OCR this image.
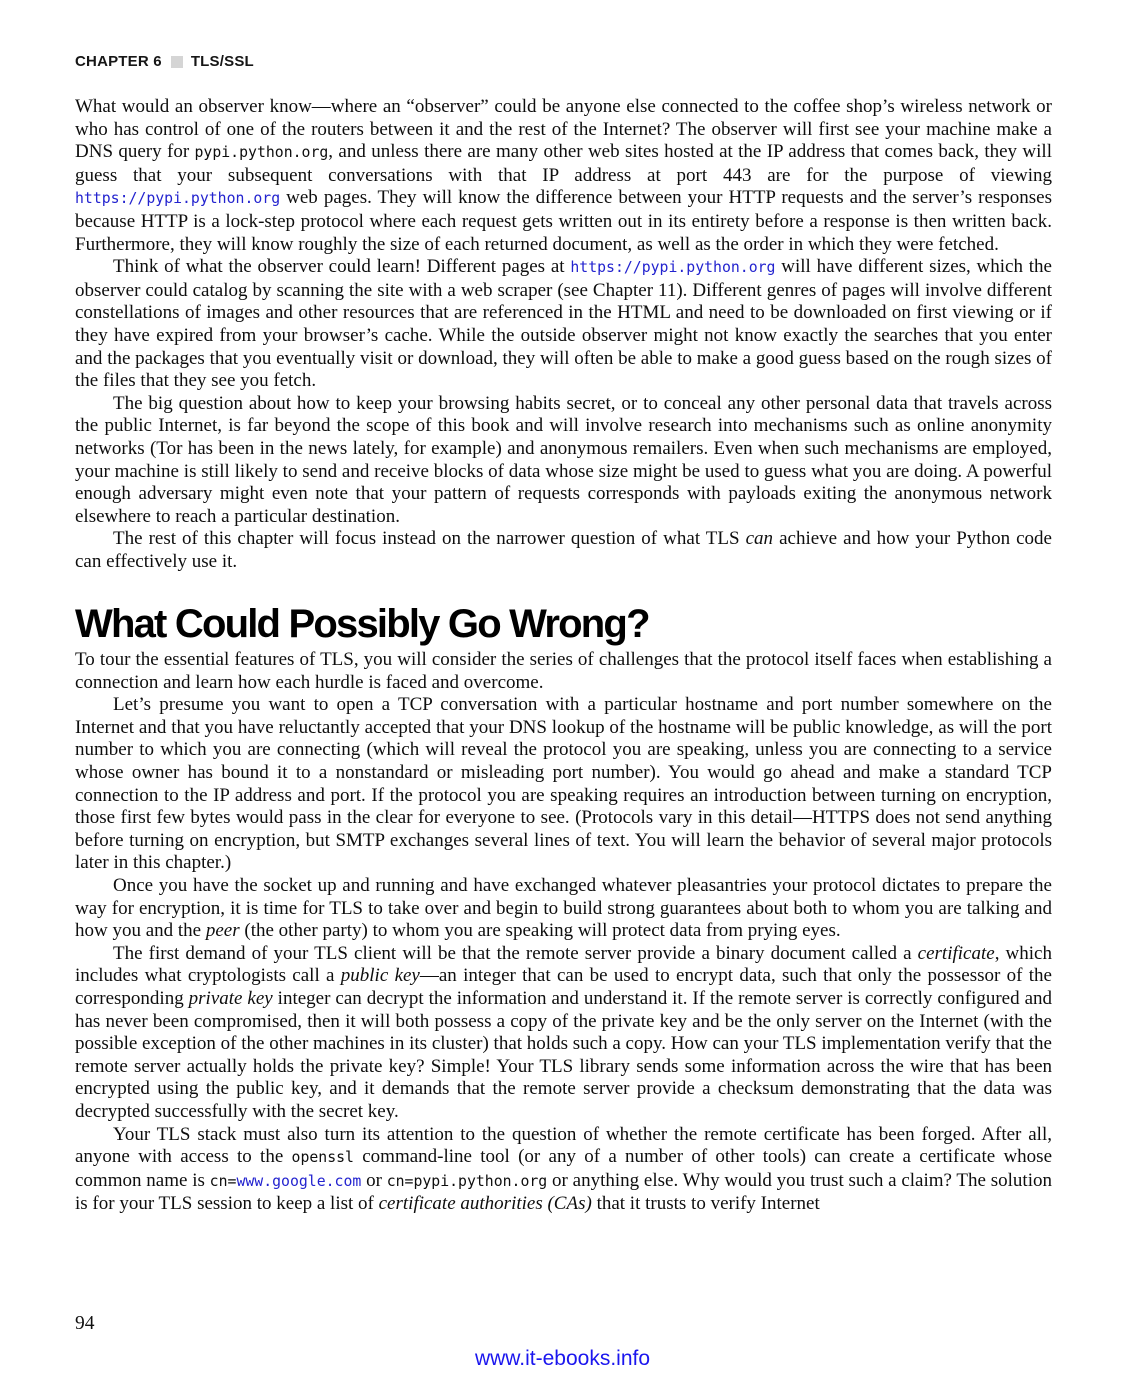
CHAPTER 6 TLS/SSL

What would an observer know—where an “observer” could be anyone else connected to the coffee shop’s wireless network or who has control of one of the routers between it and the rest of the Internet? The observer will first see your machine make a DNS query for pypi.python.org, and unless there are many other web sites hosted at the IP address that comes back, they will guess that your subsequent conversations with that IP address at port 443 are for the purpose of viewing https://pypi.python.org web pages. They will know the difference between your HTTP requests and the server’s responses because HTTP is a lock-step protocol where each request gets written out in its entirety before a response is then written back. Furthermore, they will know roughly the size of each returned document, as well as the order in which they were fetched.

Think of what the observer could learn! Different pages at https://pypi.python.org will have different sizes, which the observer could catalog by scanning the site with a web scraper (see Chapter 11). Different genres of pages will involve different constellations of images and other resources that are referenced in the HTML and need to be downloaded on first viewing or if they have expired from your browser’s cache. While the outside observer might not know exactly the searches that you enter and the packages that you eventually visit or download, they will often be able to make a good guess based on the rough sizes of the files that they see you fetch.

The big question about how to keep your browsing habits secret, or to conceal any other personal data that travels across the public Internet, is far beyond the scope of this book and will involve research into mechanisms such as online anonymity networks (Tor has been in the news lately, for example) and anonymous remailers. Even when such mechanisms are employed, your machine is still likely to send and receive blocks of data whose size might be used to guess what you are doing. A powerful enough adversary might even note that your pattern of requests corresponds with payloads exiting the anonymous network elsewhere to reach a particular destination.

The rest of this chapter will focus instead on the narrower question of what TLS can achieve and how your Python code can effectively use it.

What Could Possibly Go Wrong?

To tour the essential features of TLS, you will consider the series of challenges that the protocol itself faces when establishing a connection and learn how each hurdle is faced and overcome.

Let’s presume you want to open a TCP conversation with a particular hostname and port number somewhere on the Internet and that you have reluctantly accepted that your DNS lookup of the hostname will be public knowledge, as will the port number to which you are connecting (which will reveal the protocol you are speaking, unless you are connecting to a service whose owner has bound it to a nonstandard or misleading port number). You would go ahead and make a standard TCP connection to the IP address and port. If the protocol you are speaking requires an introduction between turning on encryption, those first few bytes would pass in the clear for everyone to see. (Protocols vary in this detail—HTTPS does not send anything before turning on encryption, but SMTP exchanges several lines of text. You will learn the behavior of several major protocols later in this chapter.)

Once you have the socket up and running and have exchanged whatever pleasantries your protocol dictates to prepare the way for encryption, it is time for TLS to take over and begin to build strong guarantees about both to whom you are talking and how you and the peer (the other party) to whom you are speaking will protect data from prying eyes.

The first demand of your TLS client will be that the remote server provide a binary document called a certificate, which includes what cryptologists call a public key—an integer that can be used to encrypt data, such that only the possessor of the corresponding private key integer can decrypt the information and understand it. If the remote server is correctly configured and has never been compromised, then it will both possess a copy of the private key and be the only server on the Internet (with the possible exception of the other machines in its cluster) that holds such a copy. How can your TLS implementation verify that the remote server actually holds the private key? Simple! Your TLS library sends some information across the wire that has been encrypted using the public key, and it demands that the remote server provide a checksum demonstrating that the data was decrypted successfully with the secret key.

Your TLS stack must also turn its attention to the question of whether the remote certificate has been forged. After all, anyone with access to the openssl command-line tool (or any of a number of other tools) can create a certificate whose common name is cn=www.google.com or cn=pypi.python.org or anything else. Why would you trust such a claim? The solution is for your TLS session to keep a list of certificate authorities (CAs) that it trusts to verify Internet

94
www.it-ebooks.info
